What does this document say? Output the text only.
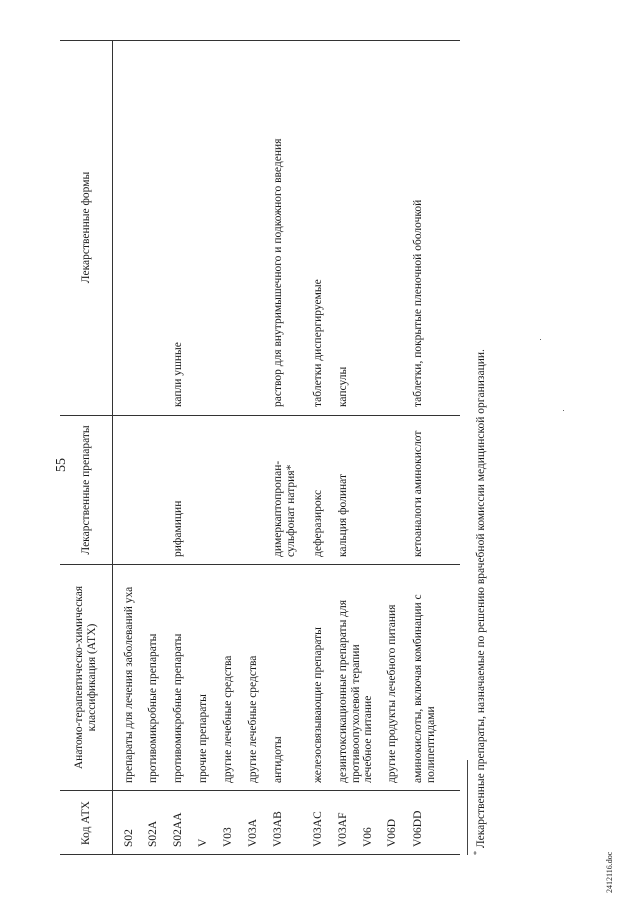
55
Код АТХ
Анатомо-терапевтическо-химическая классификация (АТХ)
Лекарственные препараты
Лекарственные формы
S02
препараты для лечения заболеваний уха
S02A
противомикробные препараты
S02AA
противомикробные препараты
рифамицин
капли ушные
V
прочие препараты
V03
другие лечебные средства
V03A
другие лечебные средства
V03AB
антидоты
димеркаптопропан-сульфонат натрия*
раствор для внутримышечного и подкожного введения
V03AC
железосвязывающие препараты
деферазирокс
таблетки диспергируемые
V03AF
дезинтоксикационные препараты для противоопухолевой терапии
кальция фолинат
капсулы
V06
лечебное питание
V06D
другие продукты лечебного питания
V06DD
аминокислоты, включая комбинации с полипептидами
кетоаналоги аминокислот
таблетки, покрытые пленочной оболочкой
* Лекарственные препараты, назначаемые по решению врачебной комиссии медицинской организации.
2412116.doc
